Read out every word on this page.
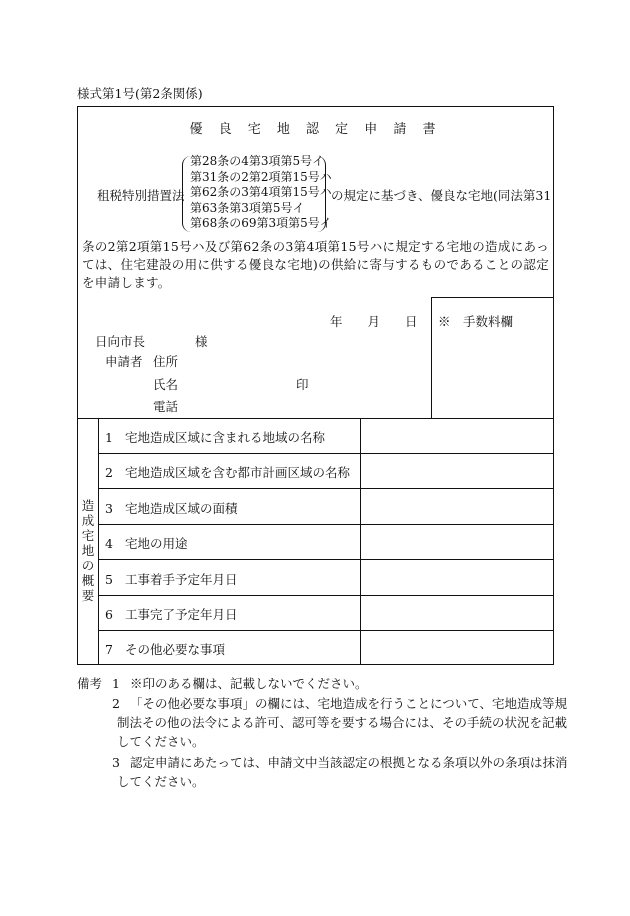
様式第1号(第2条関係)
優 良 宅 地 認 定 申 請 書
租税特別措置法
第28条の4第3項第5号イ
第31条の2第2項第15号ハ
第62条の3第4項第15号ハ
第63条第3項第5号イ
第68条の69第3項第5号イ
の規定に基づき、優良な宅地(同法第31
条の2第2項第15号ハ及び第62条の3第4項第15号ハに規定する宅地の造成にあっては、住宅建設の用に供する優良な宅地)の供給に寄与するものであることの認定を申請します。
※　手数料欄
年 月 日
日向市長　　　　様
申請者 住所
氏名	印
電話
造成宅地の概要
1 宅地造成区域に含まれる地域の名称
2 宅地造成区域を含む都市計画区域の名称
3 宅地造成区域の面積
4 宅地の用途
5 工事着手予定年月日
6 工事完了予定年月日
7 その他必要な事項
備考 1 ※印のある欄は、記載しないでください。
2 「その他必要な事項」の欄には、宅地造成を行うことについて、宅地造成等規
制法その他の法令による許可、認可等を要する場合には、その手続の状況を記載
してください。
3 認定申請にあたっては、申請文中当該認定の根拠となる条項以外の条項は抹消
してください。
